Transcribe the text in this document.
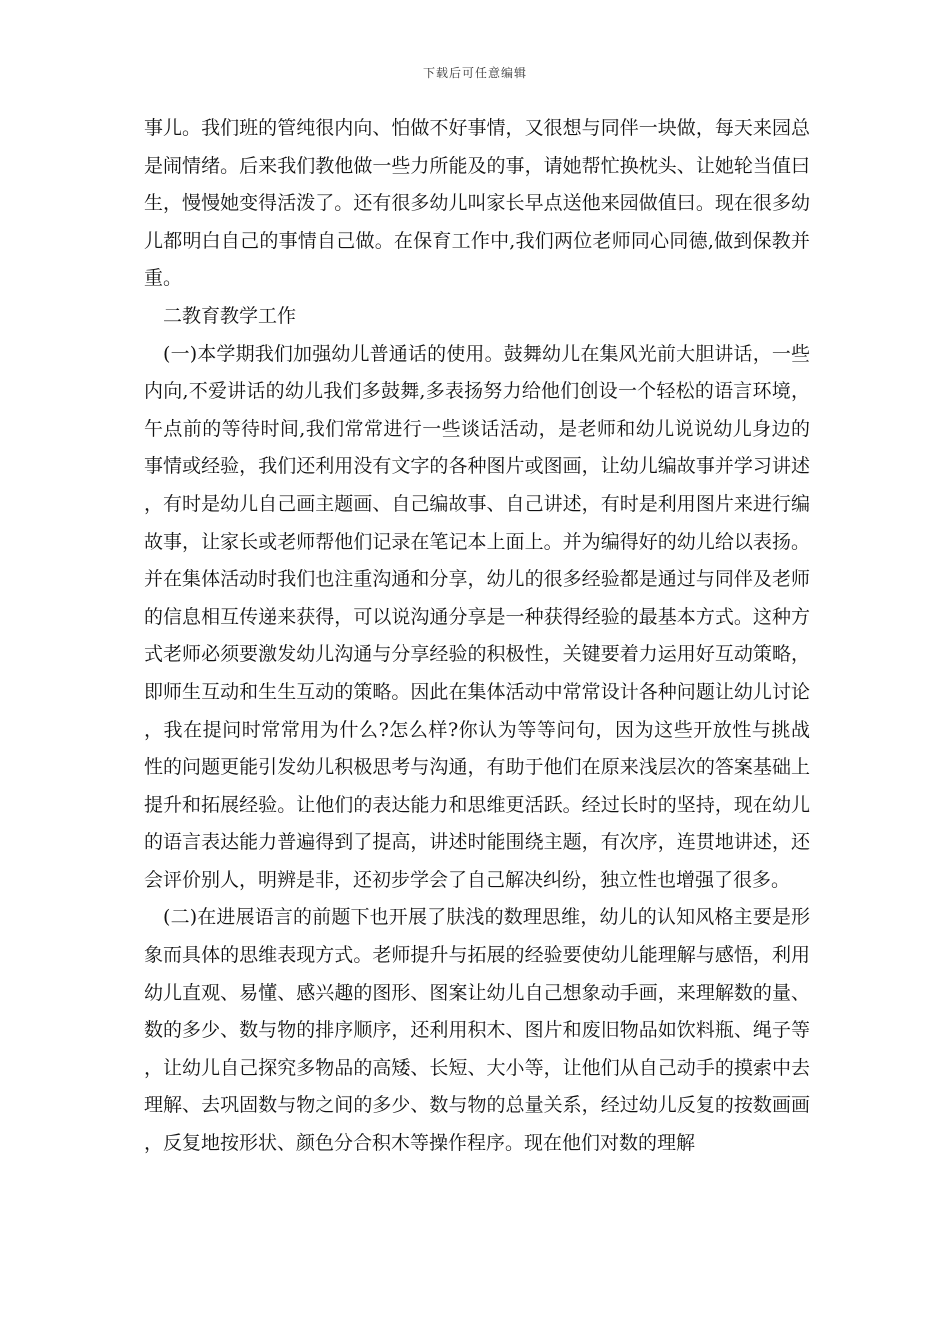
下载后可任意编辑

事儿。我们班的管纯很内向、怕做不好事情，又很想与同伴一块做，每天来园总是闹情绪。后来我们教他做一些力所能及的事，请她帮忙换枕头、让她轮当值曰生，慢慢她变得活泼了。还有很多幼儿叫家长早点送他来园做值曰。现在很多幼儿都明白自己的事情自己做。在保育工作中,我们两位老师同心同德,做到保教并重。

二教育教学工作

(一)本学期我们加强幼儿普通话的使用。鼓舞幼儿在集风光前大胆讲话，一些内向,不爱讲话的幼儿我们多鼓舞,多表扬努力给他们创设一个轻松的语言环境，午点前的等待时间,我们常常进行一些谈话活动，是老师和幼儿说说幼儿身边的事情或经验，我们还利用没有文字的各种图片或图画，让幼儿编故事并学习讲述，有时是幼儿自己画主题画、自己编故事、自己讲述，有时是利用图片来进行编故事，让家长或老师帮他们记录在笔记本上面上。并为编得好的幼儿给以表扬。并在集体活动时我们也注重沟通和分享，幼儿的很多经验都是通过与同伴及老师的信息相互传递来获得，可以说沟通分享是一种获得经验的最基本方式。这种方式老师必须要激发幼儿沟通与分享经验的积极性，关键要着力运用好互动策略，即师生互动和生生互动的策略。因此在集体活动中常常设计各种问题让幼儿讨论，我在提问时常常用为什么?怎么样?你认为等等问句，因为这些开放性与挑战性的问题更能引发幼儿积极思考与沟通，有助于他们在原来浅层次的答案基础上提升和拓展经验。让他们的表达能力和思维更活跃。经过长时的坚持，现在幼儿的语言表达能力普遍得到了提高，讲述时能围绕主题，有次序，连贯地讲述，还会评价别人，明辨是非，还初步学会了自己解决纠纷，独立性也增强了很多。

(二)在进展语言的前题下也开展了肤浅的数理思维，幼儿的认知风格主要是形象而具体的思维表现方式。老师提升与拓展的经验要使幼儿能理解与感悟，利用幼儿直观、易懂、感兴趣的图形、图案让幼儿自己想象动手画，来理解数的量、数的多少、数与物的排序顺序，还利用积木、图片和废旧物品如饮料瓶、绳子等，让幼儿自己探究多物品的高矮、长短、大小等，让他们从自己动手的摸索中去理解、去巩固数与物之间的多少、数与物的总量关系，经过幼儿反复的按数画画，反复地按形状、颜色分合积木等操作程序。现在他们对数的理解
